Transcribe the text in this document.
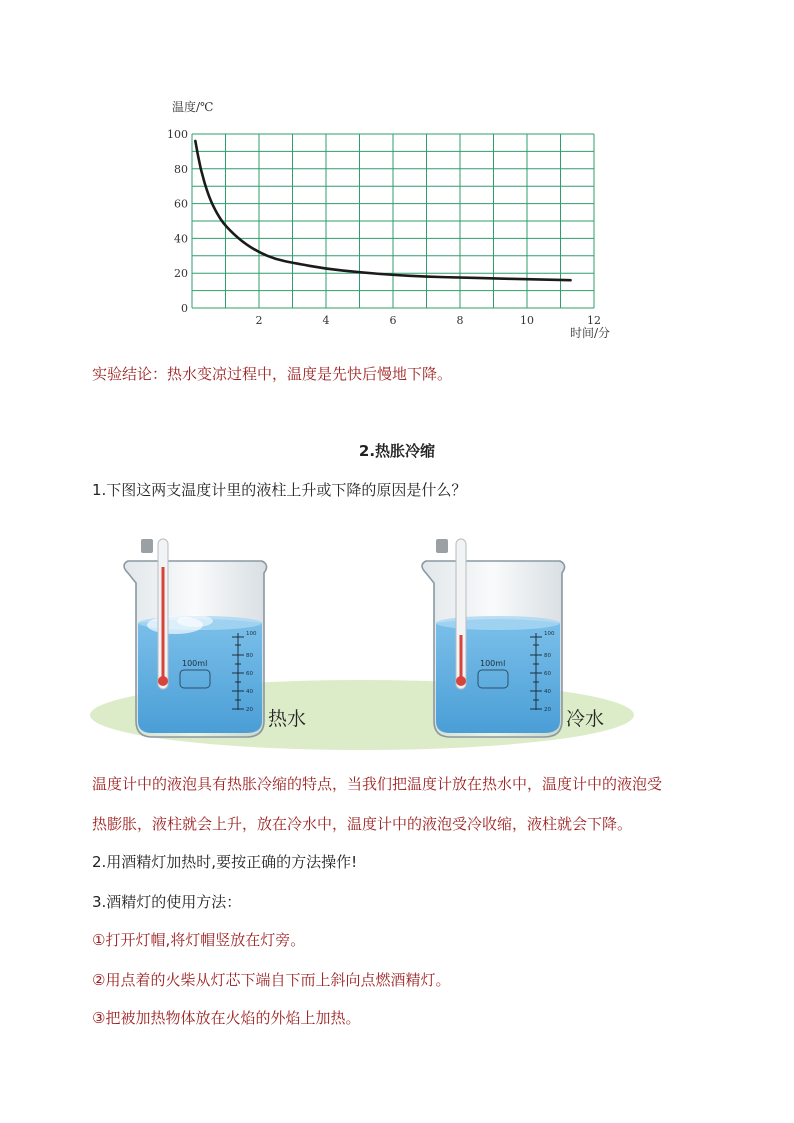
2	4	6	8	10	12
0
20
40
60
80
100
温度/℃
时间/分
实验结论：热水变凉过程中，温度是先快后慢地下降。
2.热胀冷缩
1.下图这两支温度计里的液柱上升或下降的原因是什么？
100ml
100
80
60
40
20 热水
100ml
100
80
60
40
20 冷水
温度计中的液泡具有热胀冷缩的特点，当我们把温度计放在热水中，温度计中的液泡受
热膨胀，液柱就会上升，放在冷水中，温度计中的液泡受冷收缩，液柱就会下降。
2.用酒精灯加热时,要按正确的方法操作!
3.酒精灯的使用方法：
①打开灯帽,将灯帽竖放在灯旁。
②用点着的火柴从灯芯下端自下而上斜向点燃酒精灯。
③把被加热物体放在火焰的外焰上加热。
